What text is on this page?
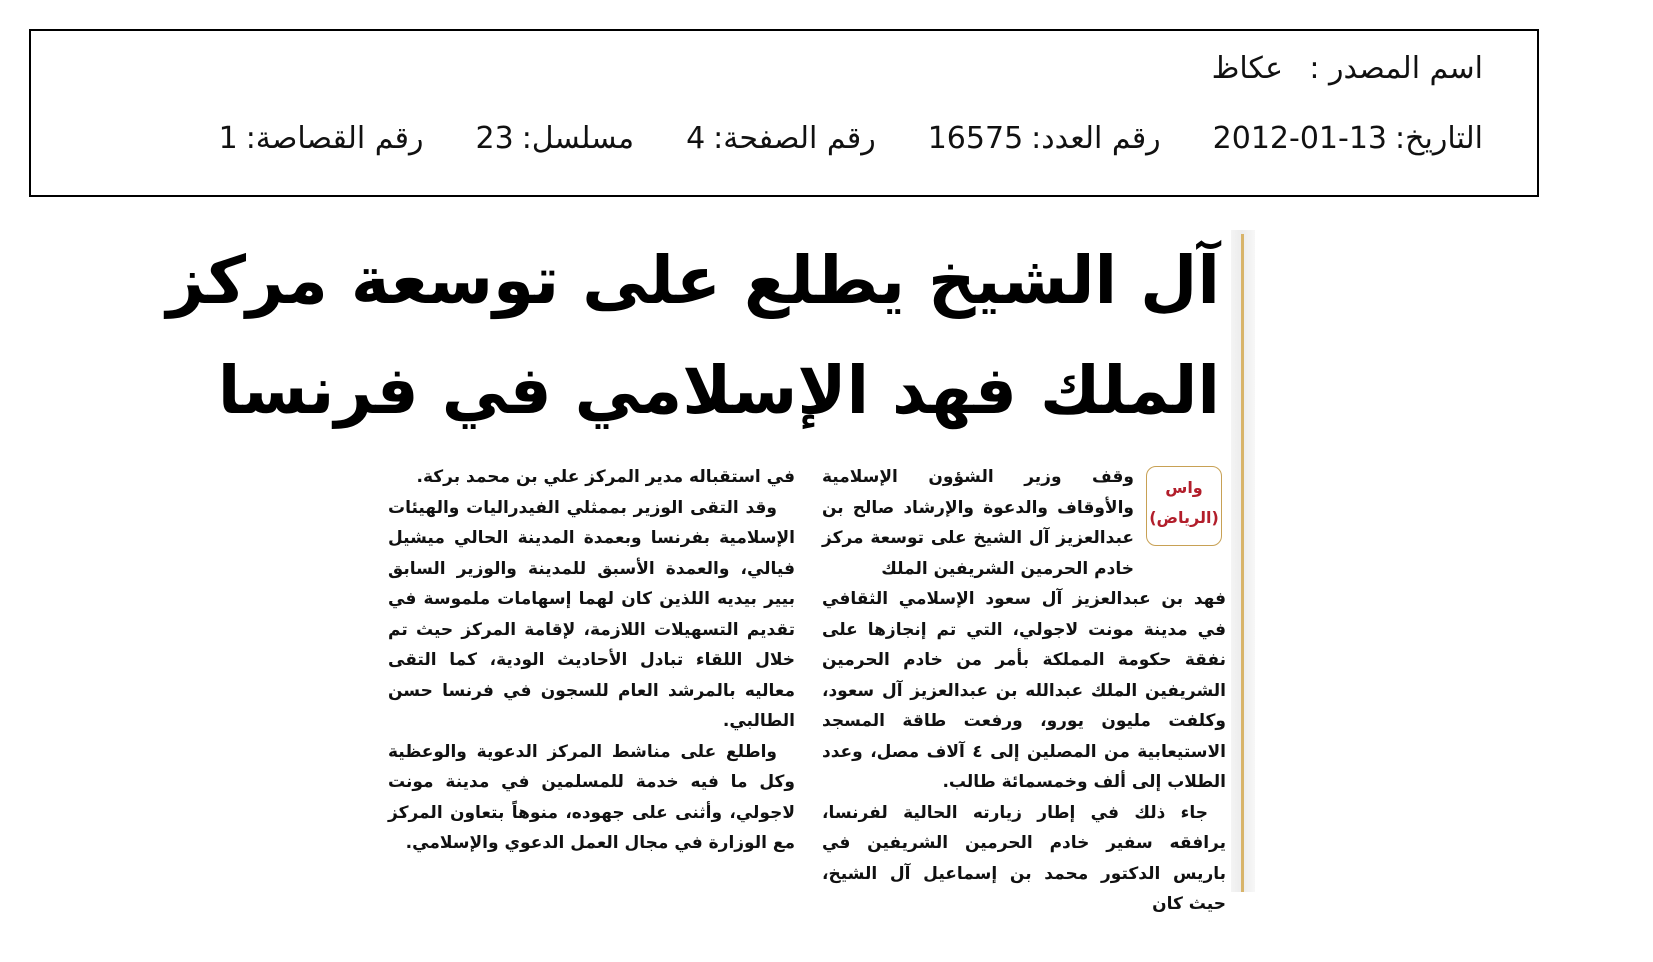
اسم المصدر :
عكاظ
التاريخ:
2012-01-13
رقم العدد:
16575
رقم الصفحة:
4
مسلسل:
23
رقم القصاصة:
1
آل الشيخ يطلع على توسعة مركز
الملك فهد الإسلامي في فرنسا
واس
(الرياض)

وقف وزير الشؤون الإسلامية والأوقاف والدعوة والإرشاد صالح بن عبدالعزيز آل الشيخ على توسعة مركز خادم الحرمين الشريفين الملك

فهد بن عبدالعزيز آل سعود الإسلامي الثقافي في مدينة مونت لاجولي، التي تم إنجازها على نفقة حكومة المملكة بأمر من خادم الحرمين الشريفين الملك عبدالله بن عبدالعزيز آل سعود، وكلفت مليون يورو، ورفعت طاقة المسجد الاستيعابية من المصلين إلى ٤ آلاف مصل، وعدد الطلاب إلى ألف وخمسمائة طالب.

جاء ذلك في إطار زيارته الحالية لفرنسا، يرافقه سفير خادم الحرمين الشريفين في باريس الدكتور محمد بن إسماعيل آل الشيخ، حيث كان

في استقباله مدير المركز علي بن محمد بركة.

وقد التقى الوزير بممثلي الفيدراليات والهيئات الإسلامية بفرنسا وبعمدة المدينة الحالي ميشيل فيالي، والعمدة الأسبق للمدينة والوزير السابق بيير بيديه اللذين كان لهما إسهامات ملموسة في تقديم التسهيلات اللازمة، لإقامة المركز حيث تم خلال اللقاء تبادل الأحاديث الودية، كما التقى معاليه بالمرشد العام للسجون في فرنسا حسن الطالبي.

واطلع على مناشط المركز الدعوية والوعظية وكل ما فيه خدمة للمسلمين في مدينة مونت لاجولي، وأثنى على جهوده، منوهاً بتعاون المركز مع الوزارة في مجال العمل الدعوي والإسلامي.
